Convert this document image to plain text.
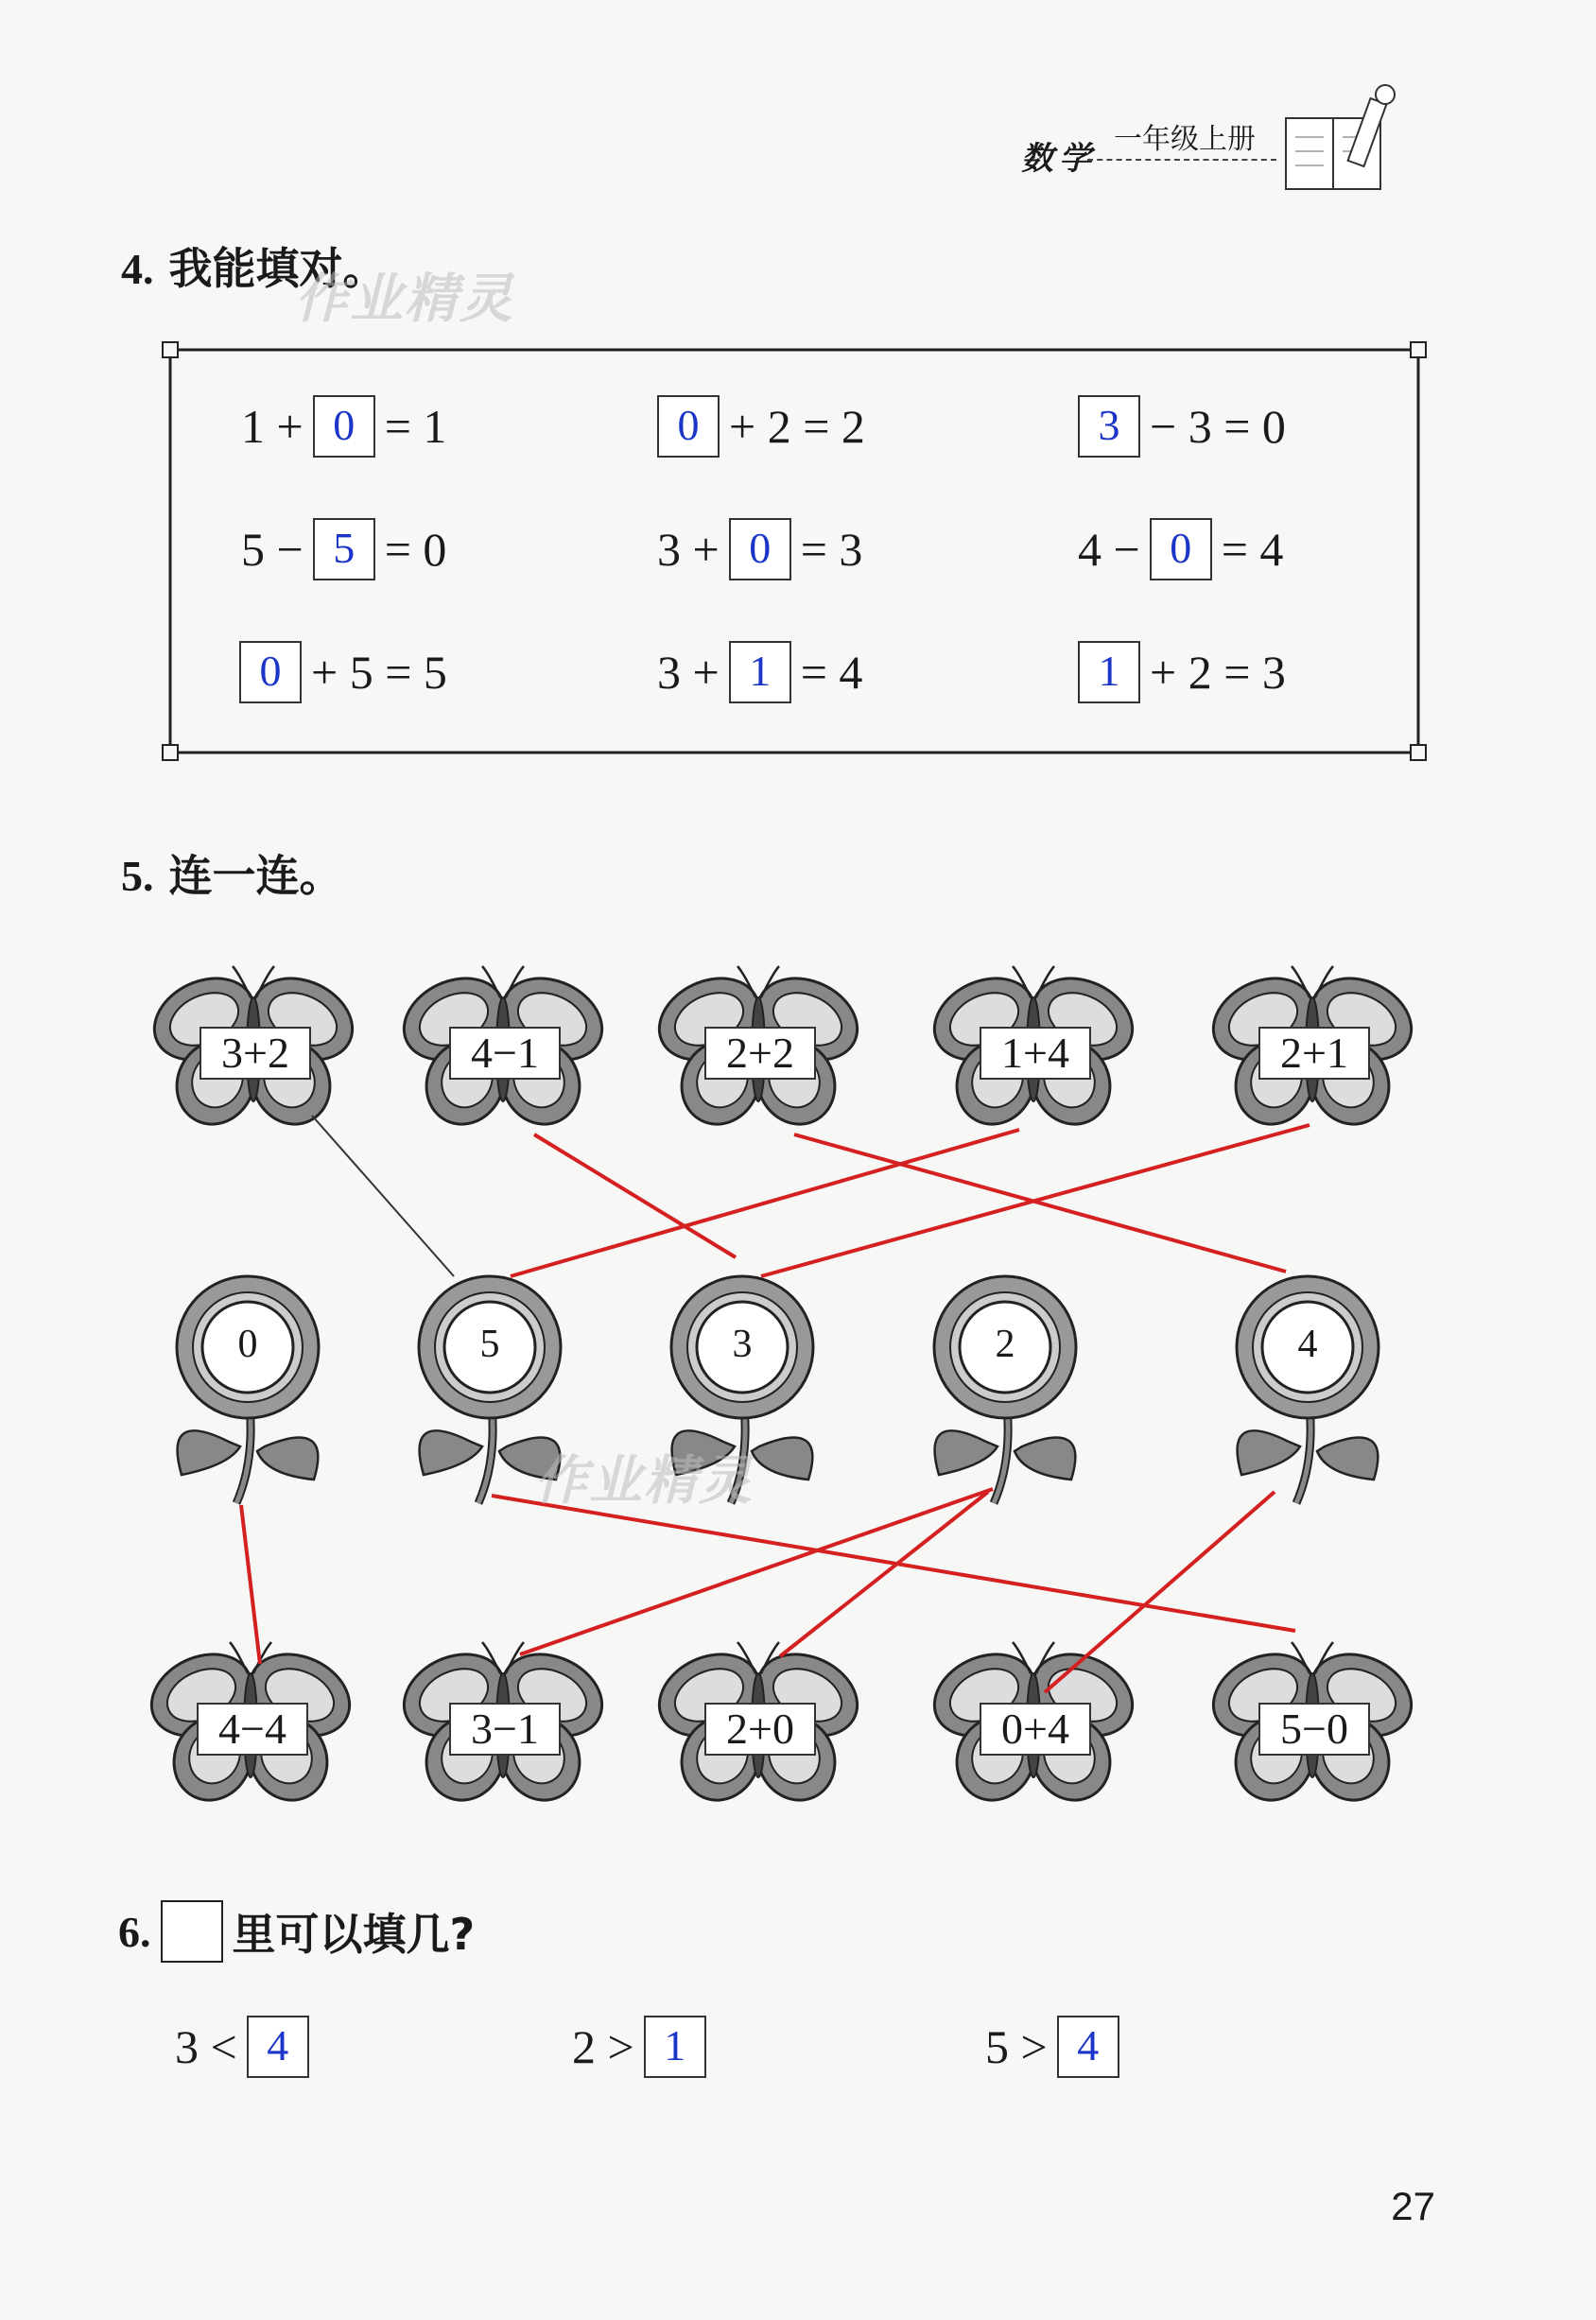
一年级上册
数学
4. 我能填对。
作业精灵
1 + 0 = 1	0 + 2 = 2	3 − 3 = 0
5 − 5 = 0	3 + 0 = 3	4 − 0 = 4
0 + 5 = 5	3 + 1 = 4	1 + 2 = 3
5. 连一连。
3+2	4−1	2+2	1+4	2+1
0	5	3	2	4
作业精灵
4−4	3−1	2+0	0+4	5−0
6. 里可以填几?
3 < 4	2 > 1	5 > 4
27
